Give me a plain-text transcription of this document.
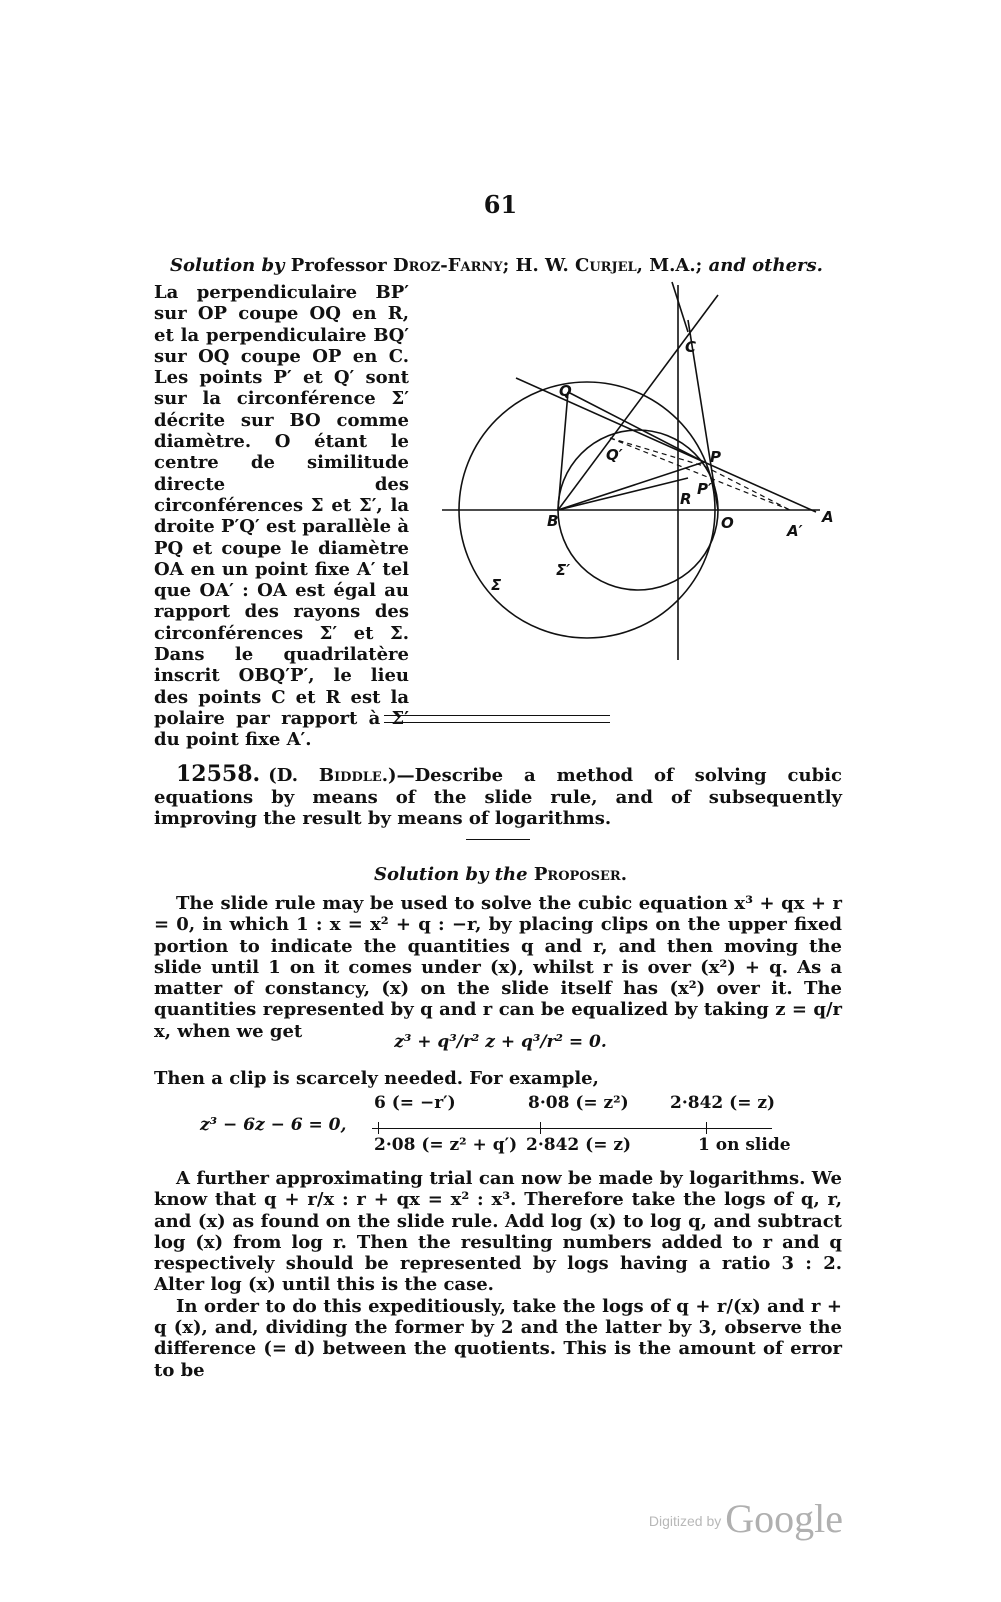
61
Solution by Professor Droz-Farny; H. W. Curjel, M.A.; and others.

La perpendiculaire BP′ sur OP coupe OQ en R, et la perpendiculaire BQ′ sur OQ coupe OP en C. Les points P′ et Q′ sont sur la circonférence Σ′ décrite sur BO comme diamètre. O étant le centre de similitude directe des circonférences Σ et Σ′, la droite P′Q′ est parallèle à PQ et coupe le diamètre OA en un point fixe A′ tel que OA′ : OA est égal au rapport des rayons des circonférences Σ′ et Σ. Dans le quadrilatère inscrit OBQ′P′, le lieu des points C et R est la polaire par rapport à Σ′ du point fixe A′.

C
Q
Q′	P
P′
R
B	O	A′
A
Σ′
Σ
12558. (D. Biddle.)—Describe a method of solving cubic equations by means of the slide rule, and of subsequently improving the result by means of logarithms.
Solution by the Proposer.

The slide rule may be used to solve the cubic equation x³ + qx + r = 0, in which 1 : x = x² + q : −r, by placing clips on the upper fixed portion to indicate the quantities q and r, and then moving the slide until 1 on it comes under (x), whilst r is over (x²) + q. As a matter of constancy, (x) on the slide itself has (x²) over it. The quantities represented by q and r can be equalized by taking z = q/r x, when we get

z³ + q³/r² z + q³/r² = 0.
Then a clip is scarcely needed. For example,
z³ − 6z − 6 = 0,
6 (= −r′)	8·08 (= z²) 2·842 (= z)
2·08 (= z² + q′) 2·842 (= z)	1 on slide

A further approximating trial can now be made by logarithms. We know that q + r/x : r + qx = x² : x³. Therefore take the logs of q, r, and (x) as found on the slide rule. Add log (x) to log q, and subtract log (x) from log r. Then the resulting numbers added to r and q respectively should be represented by logs having a ratio 3 : 2. Alter log (x) until this is the case.

In order to do this expeditiously, take the logs of q + r/(x) and r + q (x), and, dividing the former by 2 and the latter by 3, observe the difference (= d) between the quotients. This is the amount of error to be

Digitized by Google
